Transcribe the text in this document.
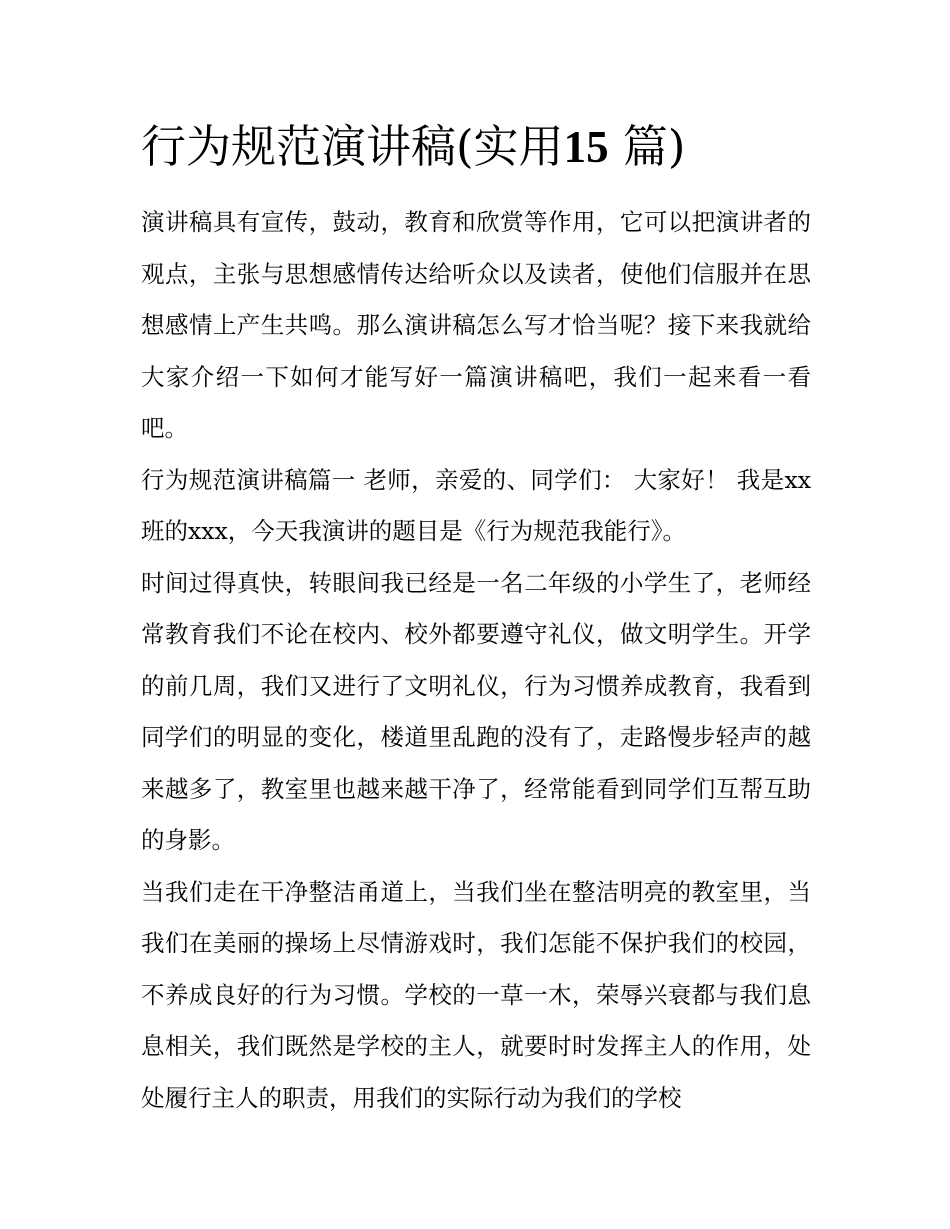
行为规范演讲稿(实用15 篇)

演讲稿具有宣传，鼓动，教育和欣赏等作用，它可以把演讲者的观点，主张与思想感情传达给听众以及读者，使他们信服并在思想感情上产生共鸣。那么演讲稿怎么写才恰当呢？接下来我就给大家介绍一下如何才能写好一篇演讲稿吧，我们一起来看一看吧。

行为规范演讲稿篇一 老师，亲爱的、同学们： 大家好！ 我是xx班的xxx，今天我演讲的题目是《行为规范我能行》。

时间过得真快，转眼间我已经是一名二年级的小学生了，老师经常教育我们不论在校内、校外都要遵守礼仪，做文明学生。开学的前几周，我们又进行了文明礼仪，行为习惯养成教育，我看到同学们的明显的变化，楼道里乱跑的没有了，走路慢步轻声的越来越多了，教室里也越来越干净了，经常能看到同学们互帮互助的身影。

当我们走在干净整洁甬道上，当我们坐在整洁明亮的教室里，当我们在美丽的操场上尽情游戏时，我们怎能不保护我们的校园，不养成良好的行为习惯。学校的一草一木，荣辱兴衰都与我们息息相关，我们既然是学校的主人，就要时时发挥主人的作用，处处履行主人的职责，用我们的实际行动为我们的学校
